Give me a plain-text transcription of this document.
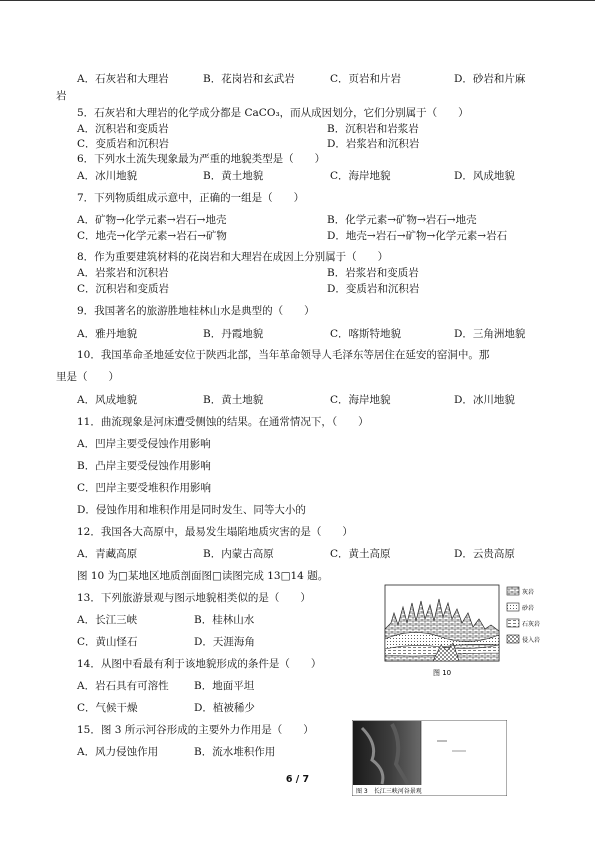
A．石灰岩和大理岩	B．花岗岩和玄武岩	C．页岩和片岩	D．砂岩和片麻
岩
5．石灰岩和大理岩的化学成分都是 CaCO₃，而从成因划分，它们分别属于（　　）
A．沉积岩和变质岩	B．沉积岩和岩浆岩
C．变质岩和沉积岩	D．岩浆岩和沉积岩
6．下列水土流失现象最为严重的地貌类型是（　　）
A．冰川地貌	B．黄土地貌	C．海岸地貌	D．风成地貌
7．下列物质组成示意中，正确的一组是（　　）
A．矿物→化学元素→岩石→地壳	B．化学元素→矿物→岩石→地壳
C．地壳→化学元素→岩石→矿物	D．地壳→岩石→矿物→化学元素→岩石
8．作为重要建筑材料的花岗岩和大理岩在成因上分别属于（　　）
A．岩浆岩和沉积岩	B．岩浆岩和变质岩
C．沉积岩和变质岩	D．变质岩和沉积岩
9．我国著名的旅游胜地桂林山水是典型的（　　）
A．雅丹地貌	B．丹霞地貌	C．喀斯特地貌	D．三角洲地貌
10．我国革命圣地延安位于陕西北部，当年革命领导人毛泽东等居住在延安的窑洞中。那
里是（　　）
A．风成地貌	B．黄土地貌	C．海岸地貌	D．冰川地貌
11．曲流现象是河床遭受侧蚀的结果。在通常情况下，（　　）
A．凹岸主要受侵蚀作用影响
B．凸岸主要受侵蚀作用影响
C．凹岸主要受堆积作用影响
D．侵蚀作用和堆积作用是同时发生、同等大小的
12．我国各大高原中，最易发生塌陷地质灾害的是（　　）
A．青藏高原	B．内蒙古高原	C．黄土高原	D．云贵高原
图 10 为□某地区地质剖面图□读图完成 13□14 题。
13．下列旅游景观与图示地貌相类似的是（　　）
A．长江三峡	B．桂林山水
C．黄山怪石	D．天涯海角
14．从图中看最有利于该地貌形成的条件是（　　）
A．岩石具有可溶性 B．地面平坦
C．气候干燥	D．植被稀少
15．图 3 所示河谷形成的主要外力作用是（　　）
A．风力侵蚀作用	B．流水堆积作用
灰岩
砂岩
石灰岩
侵入岩
图 10
图 3　长江三峡河谷景观
6 / 7
